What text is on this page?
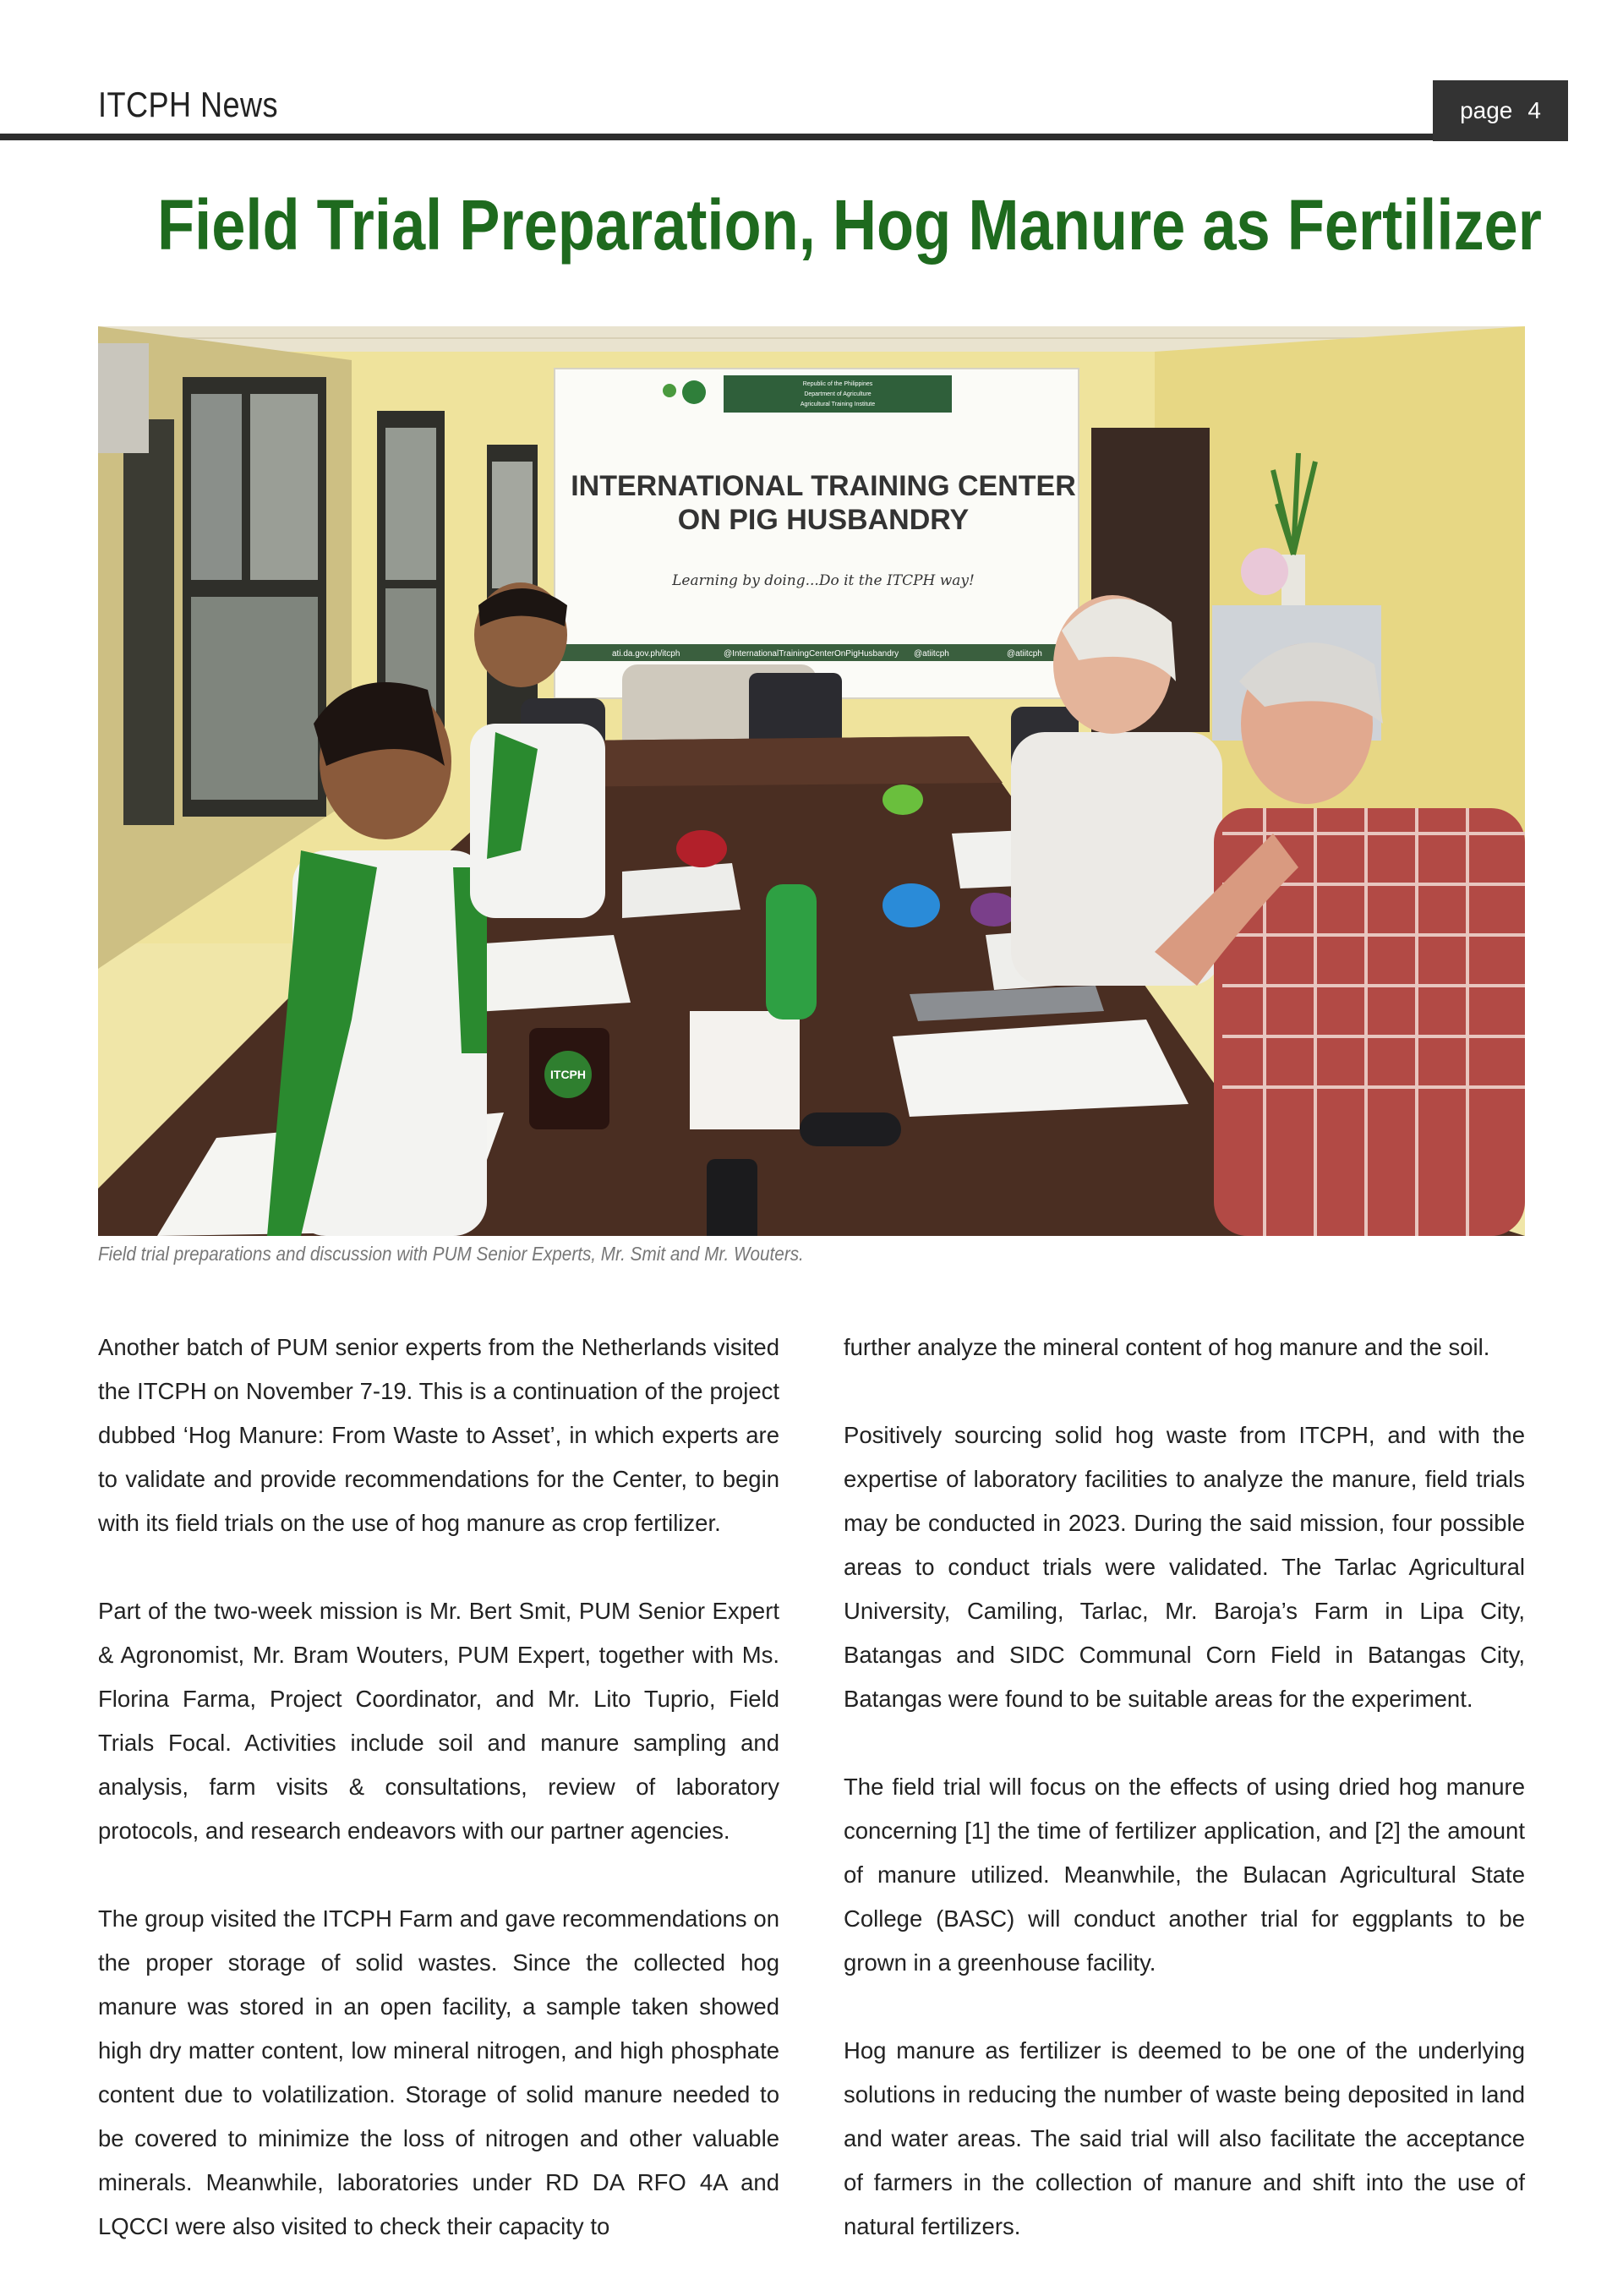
ITCPH News	page 4
Field Trial Preparation, Hog Manure as Fertilizer
Republic of the Philippines
Department of Agriculture
Agricultural Training Institute
INTERNATIONAL TRAINING CENTER
ON PIG HUSBANDRY
Learning by doing...Do it the ITCPH way!
ati.da.gov.ph/itcph	@InternationalTrainingCenterOnPigHusbandry @atiitcph	@atiitcph
ITCPH
Field trial preparations and discussion with PUM Senior Experts, Mr. Smit and Mr. Wouters.

Another batch of PUM senior experts from the Netherlands visited the ITCPH on November 7-19. This is a continuation of the project dubbed ‘Hog Manure: From Waste to Asset’, in which experts are to validate and provide recommendations for the Center, to begin with its field trials on the use of hog manure as crop fertilizer.

Part of the two-week mission is Mr. Bert Smit, PUM Senior Expert & Agronomist, Mr. Bram Wouters, PUM Expert, together with Ms. Florina Farma, Project Coordinator, and Mr. Lito Tuprio, Field Trials Focal. Activities include soil and manure sampling and analysis, farm visits & consultations, review of laboratory protocols, and research endeavors with our partner agencies.

The group visited the ITCPH Farm and gave recommendations on the proper storage of solid wastes. Since the collected hog manure was stored in an open facility, a sample taken showed high dry matter content, low mineral nitrogen, and high phosphate content due to volatilization. Storage of solid manure needed to be covered to minimize the loss of nitrogen and other valuable minerals. Meanwhile, laboratories under RD DA RFO 4A and LQCCI were also visited to check their capacity to

further analyze the mineral content of hog manure and the soil.

Positively sourcing solid hog waste from ITCPH, and with the expertise of laboratory facilities to analyze the manure, field trials may be conducted in 2023. During the said mission, four possible areas to conduct trials were validated. The Tarlac Agricultural University, Camiling, Tarlac, Mr. Baroja’s Farm in Lipa City, Batangas and SIDC Communal Corn Field in Batangas City, Batangas were found to be suitable areas for the experiment.

The field trial will focus on the effects of using dried hog manure concerning [1] the time of fertilizer application, and [2] the amount of manure utilized. Meanwhile, the Bulacan Agricultural State College (BASC) will conduct another trial for eggplants to be grown in a greenhouse facility.

Hog manure as fertilizer is deemed to be one of the underlying solutions in reducing the number of waste being deposited in land and water areas. The said trial will also facilitate the acceptance of farmers in the collection of manure and shift into the use of natural fertilizers.
